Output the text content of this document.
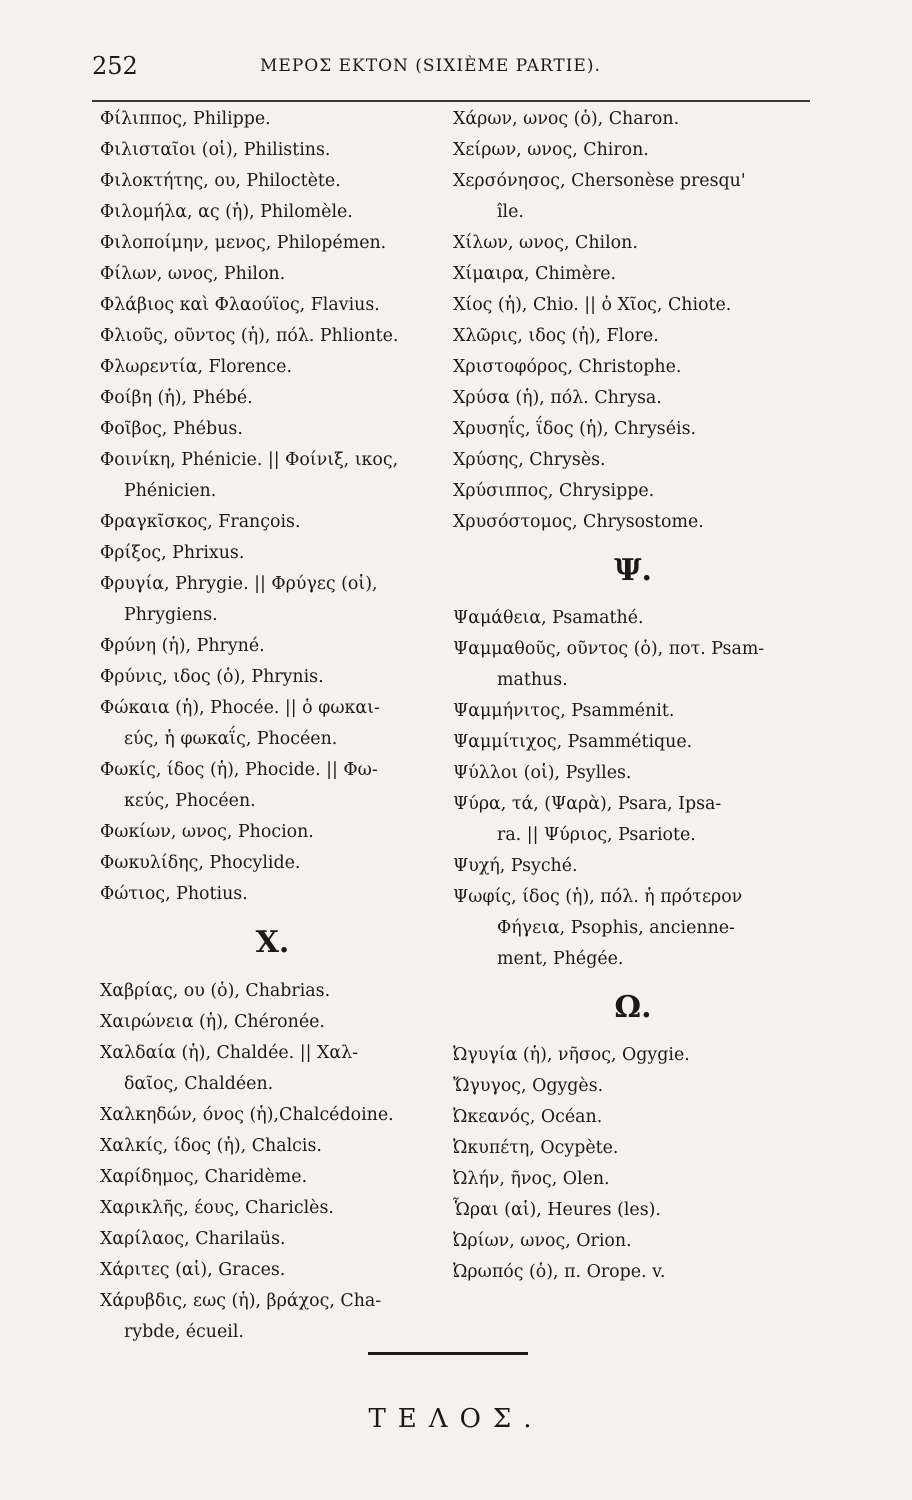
252	ΜΕΡΟΣ ΕΚΤΟΝ (SIXIÈME PARTIE).
Φίλιππος, Philippe.
Φιλισταῖοι (οἱ), Philistins.
Φιλοκτήτης, ου, Philoctète.
Φιλομήλα, ας (ἡ), Philomèle.
Φιλοποίμην, μενος, Philopémen.
Φίλων, ωνος, Philon.
Φλάβιος καὶ Φλαούϊος, Flavius.
Φλιοῦς, οῦντος (ἡ), πόλ. Phlionte.
Φλωρεντία, Florence.
Φοίβη (ἡ), Phébé.
Φοῖβος, Phébus.
Φοινίκη, Phénicie. || Φοίνιξ, ικος,
Phénicien.
Φραγκῖσκος, François.
Φρίξος, Phrixus.
Φρυγία, Phrygie. || Φρύγες (οἱ),
Phrygiens.
Φρύνη (ἡ), Phryné.
Φρύνις, ιδος (ὁ), Phrynis.
Φώκαια (ἡ), Phocée. || ὁ φωκαι-
εύς, ἡ φωκαΐς, Phocéen.
Φωκίς, ίδος (ἡ), Phocide. || Φω-
κεύς, Phocéen.
Φωκίων, ωνος, Phocion.
Φωκυλίδης, Phocylide.
Φώτιος, Photius.
X.
Χαβρίας, ου (ὁ), Chabrias.
Χαιρώνεια (ἡ), Chéronée.
Χαλδαία (ἡ), Chaldée. || Χαλ-
δαῖος, Chaldéen.
Χαλκηδών, όνος (ἡ),Chalcédoine.
Χαλκίς, ίδος (ἡ), Chalcis.
Χαρίδημος, Charidème.
Χαρικλῆς, έους, Chariclès.
Χαρίλαος, Charilaüs.
Χάριτες (αἱ), Graces.
Χάρυβδις, εως (ἡ), βράχος, Cha-
rybde, écueil.
Χάρων, ωνος (ὁ), Charon.
Χείρων, ωνος, Chiron.
Χερσόνησος, Chersonèse presqu'
île.
Χίλων, ωνος, Chilon.
Χίμαιρα, Chimère.
Χίος (ἡ), Chio. || ὁ Χῖος, Chiote.
Χλῶρις, ιδος (ἡ), Flore.
Χριστοφόρος, Christophe.
Χρύσα (ἡ), πόλ. Chrysa.
Χρυσηΐς, ΐδος (ἡ), Chryséis.
Χρύσης, Chrysès.
Χρύσιππος, Chrysippe.
Χρυσόστομος, Chrysostome.
Ψ.
Ψαμάθεια, Psamathé.
Ψαμμαθοῦς, οῦντος (ὁ), ποτ. Psam-
mathus.
Ψαμμήνιτος, Psamménit.
Ψαμμίτιχος, Psammétique.
Ψύλλοι (οἱ), Psylles.
Ψύρα, τά, (Ψαρὰ), Psara, Ipsa-
ra. || Ψύριος, Psariote.
Ψυχή, Psyché.
Ψωφίς, ίδος (ἡ), πόλ. ἡ πρότερον
Φήγεια, Psophis, ancienne-
ment, Phégée.
Ω.
Ὠγυγία (ἡ), νῆσος, Ogygie.
Ὤγυγος, Ogygès.
Ὠκεανός, Océan.
Ὠκυπέτη, Ocypète.
Ὠλήν, ῆνος, Olen.
Ὧραι (αἱ), Heures (les).
Ὠρίων, ωνος, Orion.
Ὠρωπός (ὁ), π. Orope. v.
ΤΕΛΟΣ.
